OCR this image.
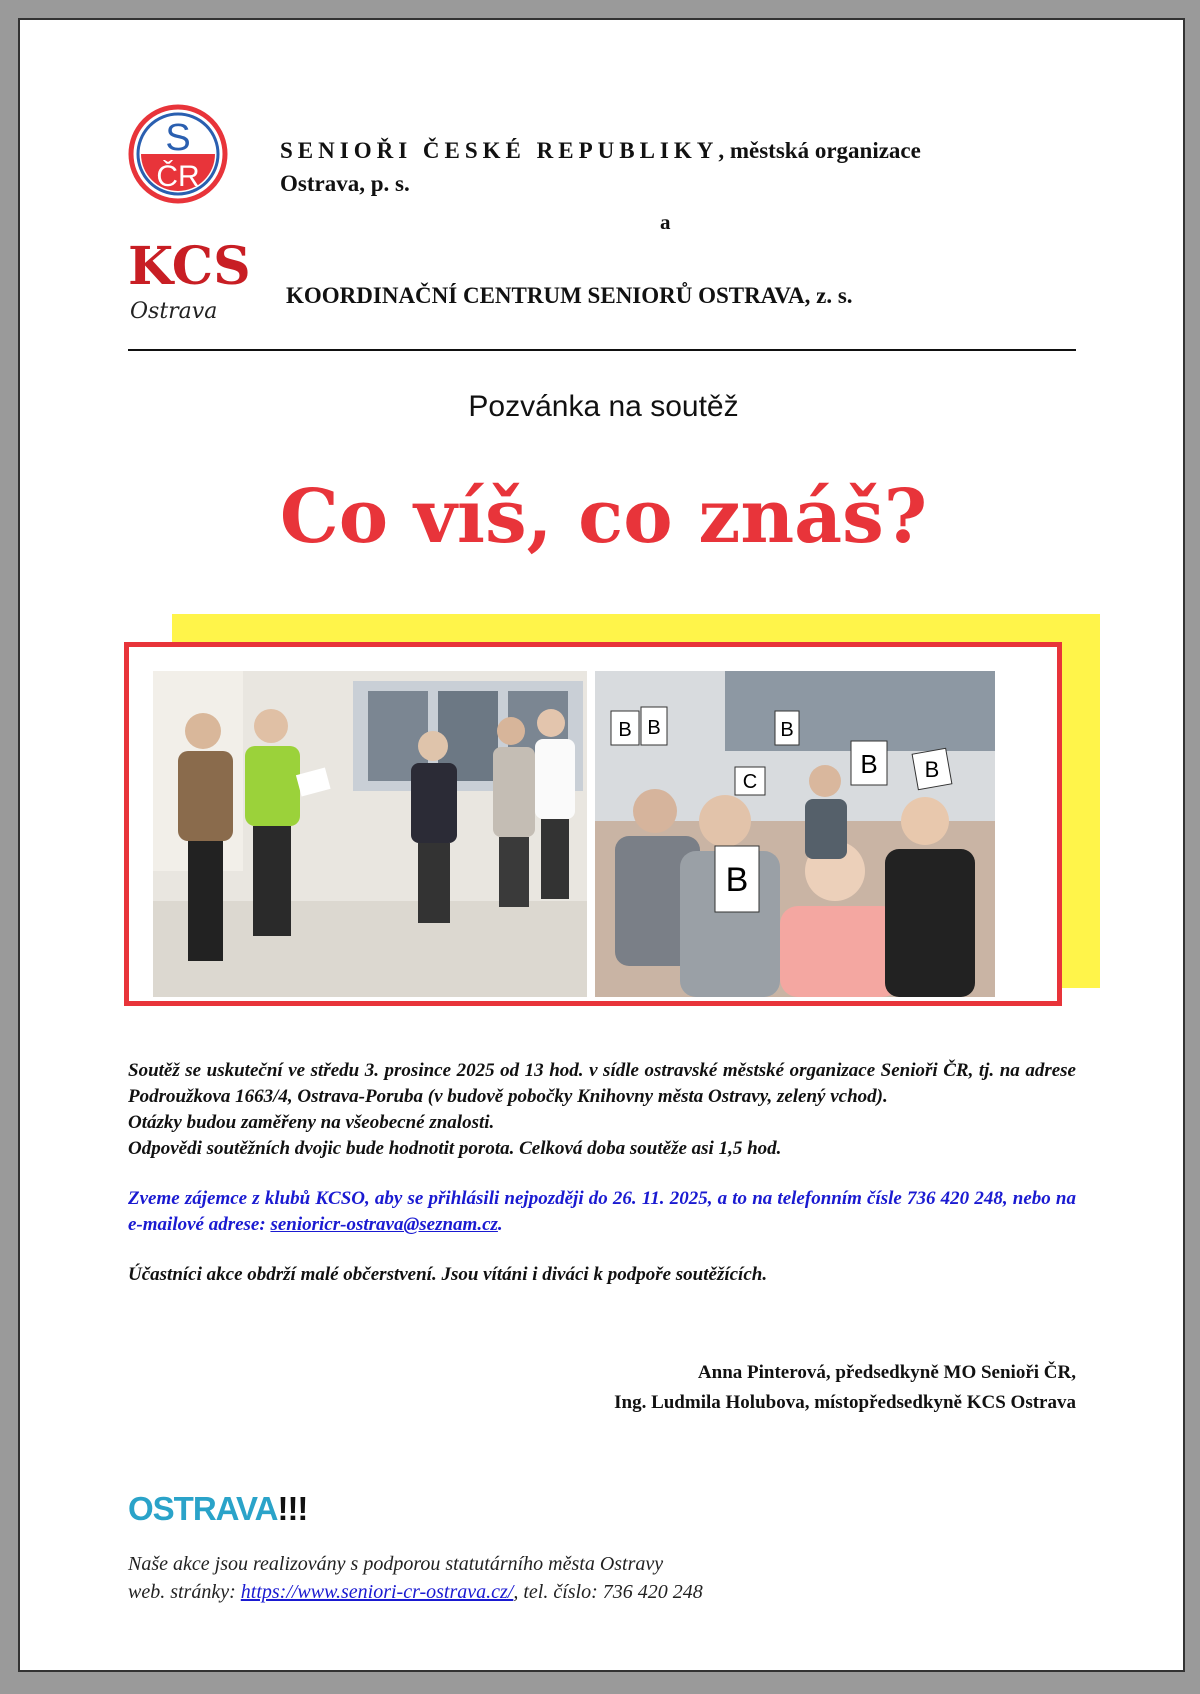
S
ČR
KCS
Ostrava
SENIOŘI ČESKÉ REPUBLIKY, městská organizace
Ostrava, p. s.
a
KOORDINAČNÍ CENTRUM SENIORŮ OSTRAVA, z. s.
Pozvánka na soutěž
Co víš, co znáš?
B B
B
C
B
B B

Soutěž se uskuteční ve středu 3. prosince 2025 od 13 hod. v sídle ostravské městské organizace Senioři ČR, tj. na adrese Podroužkova 1663/4, Ostrava-Poruba (v budově pobočky Knihovny města Ostravy, zelený vchod).

Otázky budou zaměřeny na všeobecné znalosti.

Odpovědi soutěžních dvojic bude hodnotit porota. Celková doba soutěže asi 1,5 hod.

Zveme zájemce z klubů KCSO, aby se přihlásili nejpozději do 26. 11. 2025, a to na telefonním čísle 736 420 248, nebo na e-mailové adrese: senioricr-ostrava@seznam.cz.

Účastníci akce obdrží malé občerstvení. Jsou vítáni i diváci k podpoře soutěžících.

Anna Pinterová, předsedkyně MO Senioři ČR,
Ing. Ludmila Holubova, místopředsedkyně KCS Ostrava
OSTRAVA!!!
Naše akce jsou realizovány s podporou statutárního města Ostravy
web. stránky: https://www.seniori-cr-ostrava.cz/, tel. číslo: 736 420 248
